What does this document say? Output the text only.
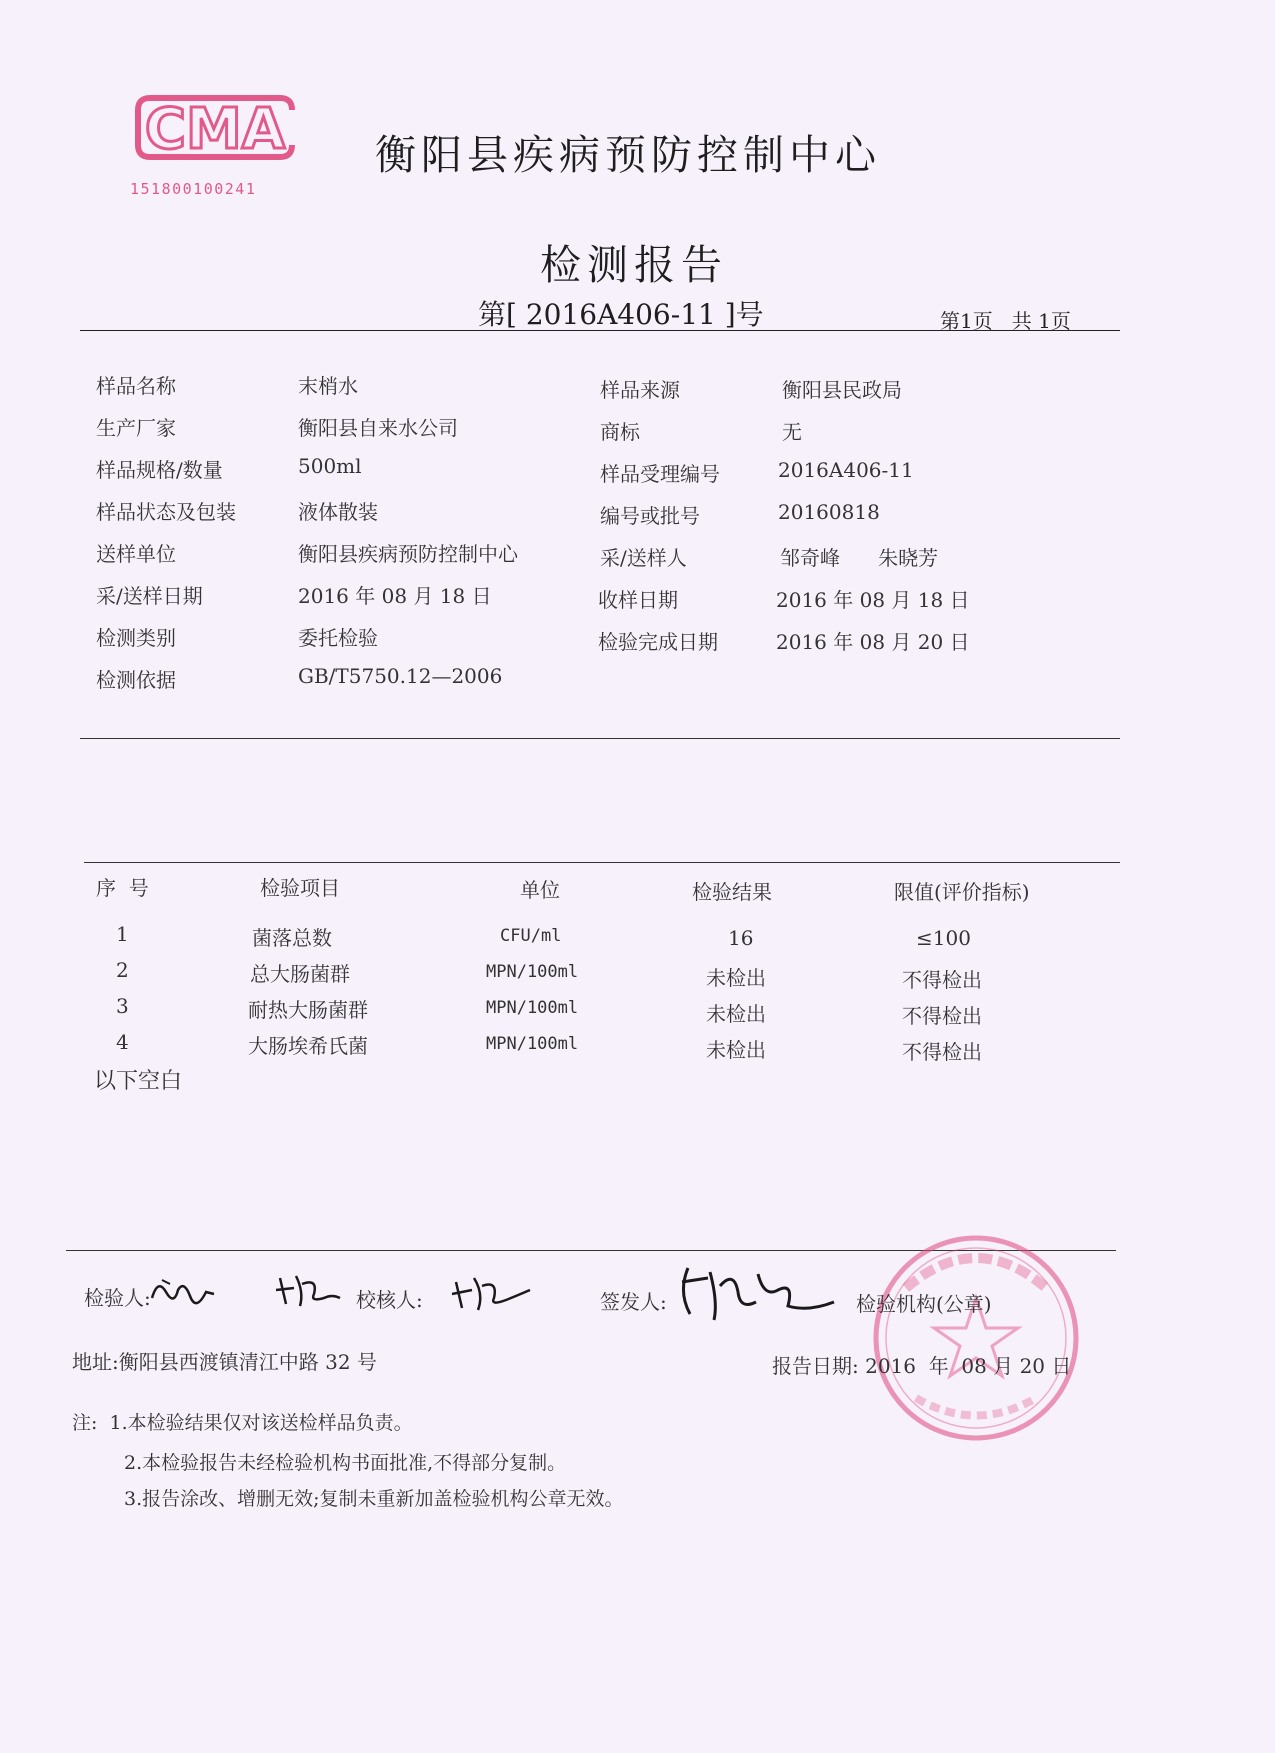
CMA
151800100241
衡阳县疾病预防控制中心
检测报告
第[ 2016A406-11 ]号	第1页   共 1页
样品名称	末梢水
生产厂家	衡阳县自来水公司
样品规格/数量	500ml
样品状态及包装	液体散装
送样单位	衡阳县疾病预防控制中心
采/送样日期	2016 年 08 月 18 日
检测类别	委托检验
检测依据	GB/T5750.12—2006
样品来源	衡阳县民政局
商标	无
样品受理编号	2016A406-11
编号或批号	20160818
采/送样人	邹奇峰      朱晓芳
收样日期	2016 年 08 月 18 日
检验完成日期	2016 年 08 月 20 日
序  号	检验项目	单位	检验结果	限值(评价指标)
1	菌落总数	CFU/ml	16	≤100
2	总大肠菌群	MPN/100ml	未检出	不得检出
3	耐热大肠菌群	MPN/100ml	未检出	不得检出
4	大肠埃希氏菌	MPN/100ml	未检出	不得检出
以下空白
检验人:	校核人:	签发人:	检验机构(公章)
地址:衡阳县西渡镇清江中路 32 号	报告日期: 2016  年  08 月 20 日
注:  1.本检验结果仅对该送检样品负责。
2.本检验报告未经检验机构书面批准,不得部分复制。
3.报告涂改、增删无效;复制未重新加盖检验机构公章无效。
